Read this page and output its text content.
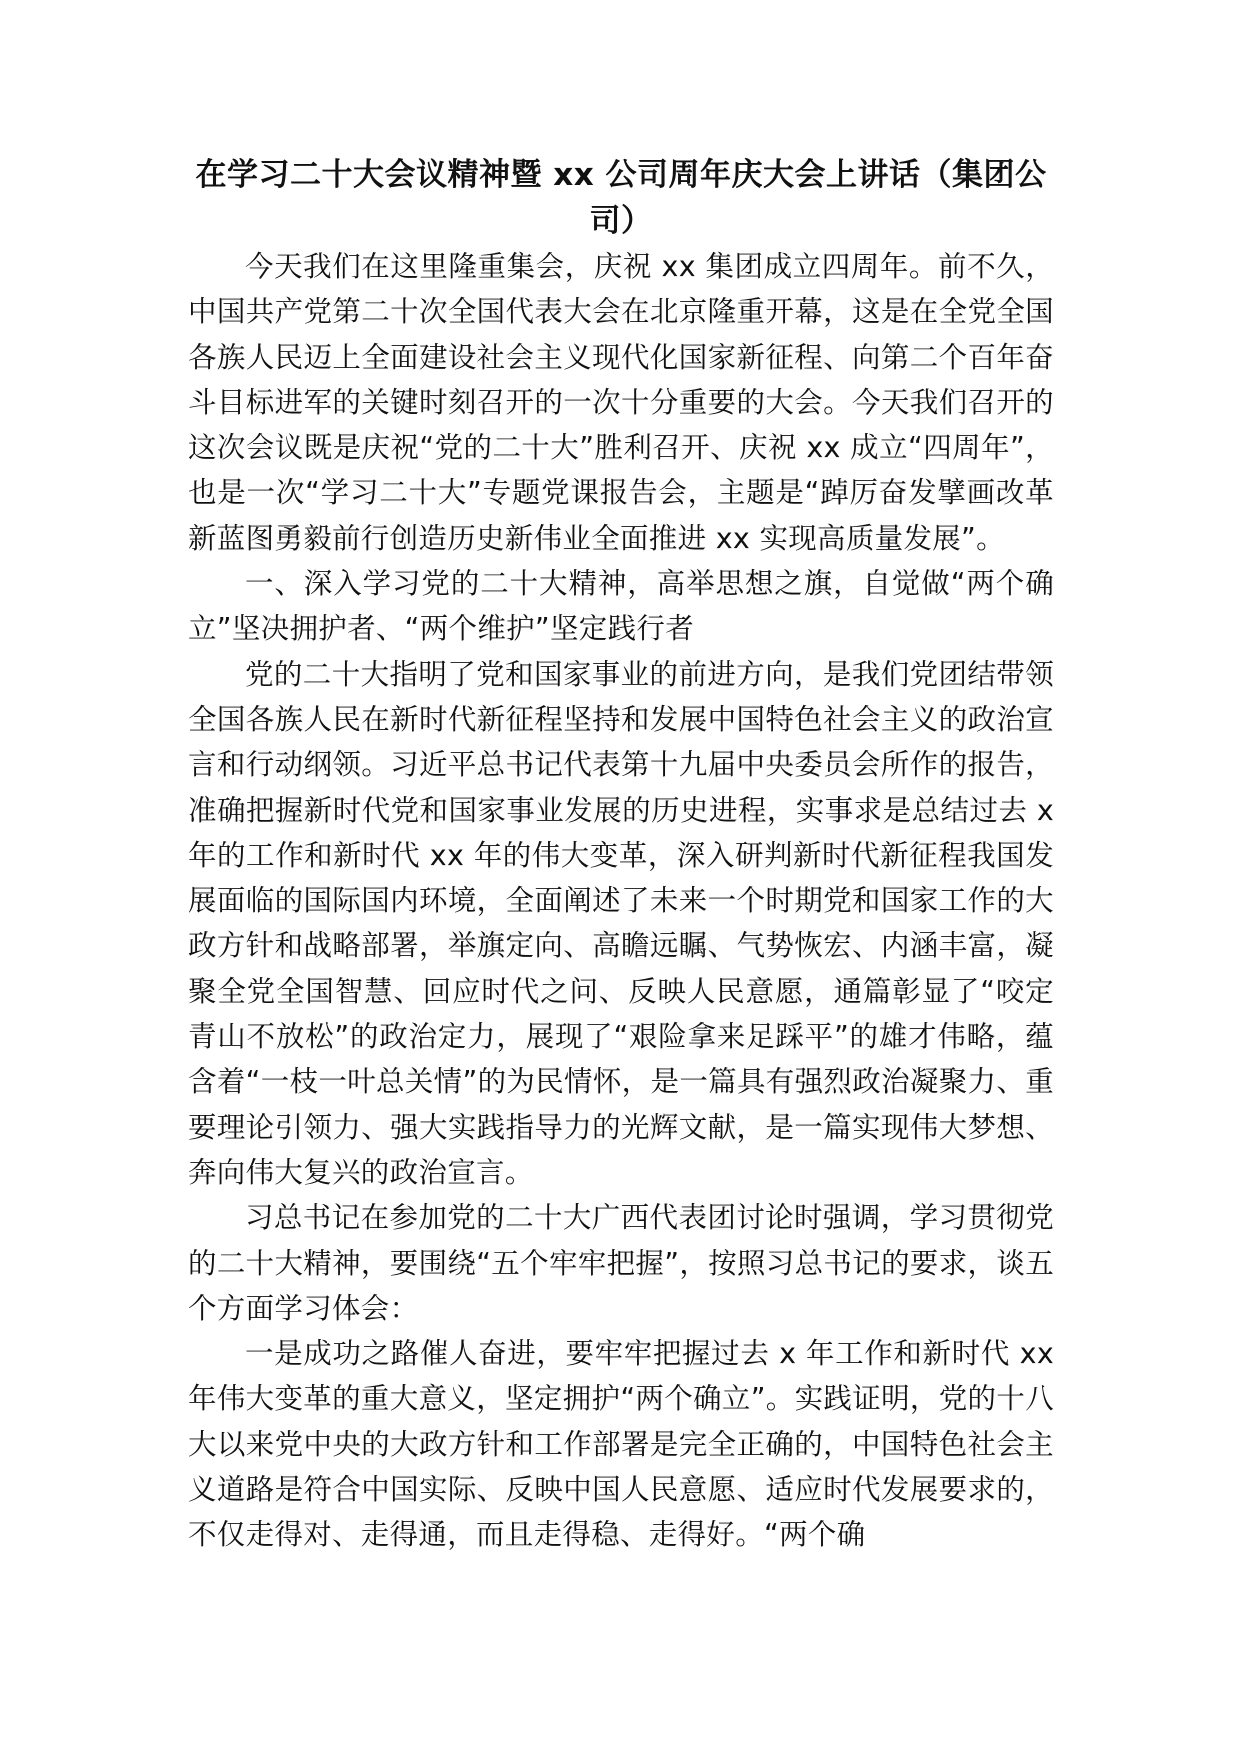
在学习二十大会议精神暨 xx 公司周年庆大会上讲话（集团公司）

今天我们在这里隆重集会，庆祝 xx 集团成立四周年。前不久，中国共产党第二十次全国代表大会在北京隆重开幕，这是在全党全国各族人民迈上全面建设社会主义现代化国家新征程、向第二个百年奋斗目标进军的关键时刻召开的一次十分重要的大会。今天我们召开的这次会议既是庆祝“党的二十大”胜利召开、庆祝 xx 成立“四周年”，也是一次“学习二十大”专题党课报告会，主题是“踔厉奋发擘画改革新蓝图勇毅前行创造历史新伟业全面推进 xx 实现高质量发展”。

一、深入学习党的二十大精神，高举思想之旗，自觉做“两个确立”坚决拥护者、“两个维护”坚定践行者

党的二十大指明了党和国家事业的前进方向，是我们党团结带领全国各族人民在新时代新征程坚持和发展中国特色社会主义的政治宣言和行动纲领。习近平总书记代表第十九届中央委员会所作的报告，准确把握新时代党和国家事业发展的历史进程，实事求是总结过去 x 年的工作和新时代 xx 年的伟大变革，深入研判新时代新征程我国发展面临的国际国内环境，全面阐述了未来一个时期党和国家工作的大政方针和战略部署，举旗定向、高瞻远瞩、气势恢宏、内涵丰富，凝聚全党全国智慧、回应时代之问、反映人民意愿，通篇彰显了“咬定青山不放松”的政治定力，展现了“艰险拿来足踩平”的雄才伟略，蕴含着“一枝一叶总关情”的为民情怀，是一篇具有强烈政治凝聚力、重要理论引领力、强大实践指导力的光辉文献，是一篇实现伟大梦想、奔向伟大复兴的政治宣言。

习总书记在参加党的二十大广西代表团讨论时强调，学习贯彻党的二十大精神，要围绕“五个牢牢把握”，按照习总书记的要求，谈五个方面学习体会：

一是成功之路催人奋进，要牢牢把握过去 x 年工作和新时代 xx 年伟大变革的重大意义，坚定拥护“两个确立”。实践证明，党的十八大以来党中央的大政方针和工作部署是完全正确的，中国特色社会主义道路是符合中国实际、反映中国人民意愿、适应时代发展要求的，不仅走得对、走得通，而且走得稳、走得好。“两个确
